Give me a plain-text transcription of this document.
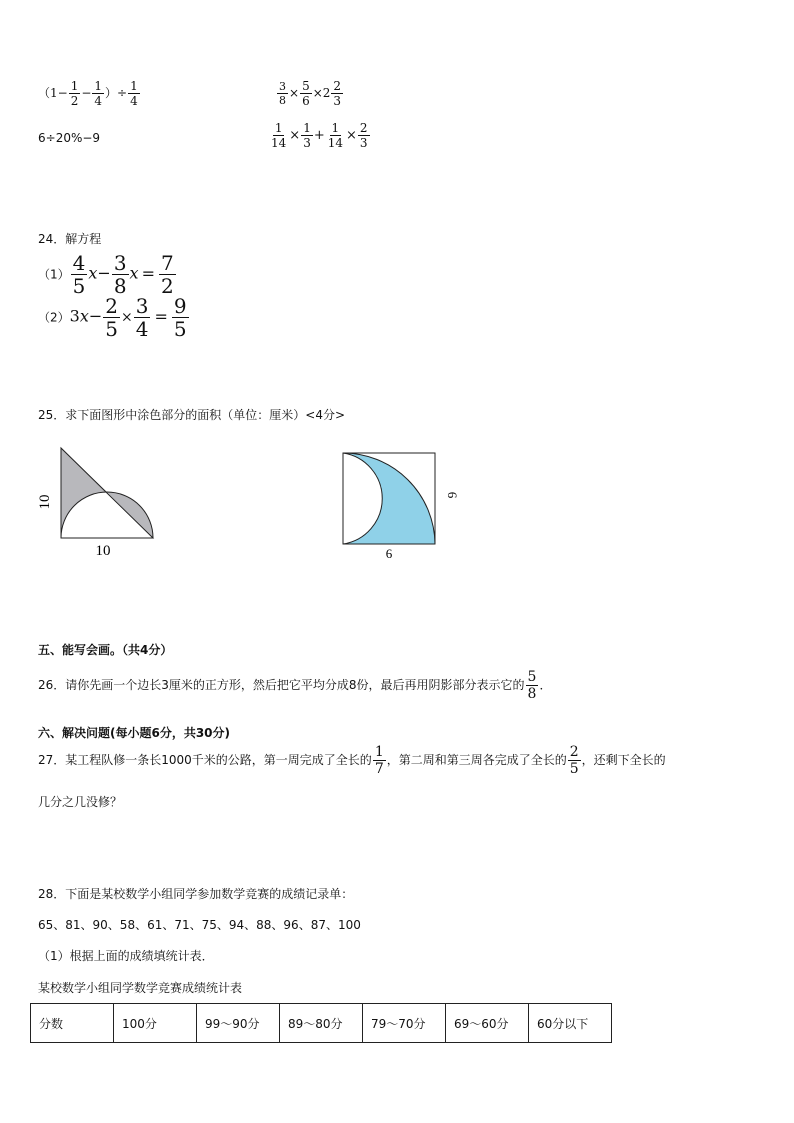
（$1- \frac{1}{2} - \frac{1}{4}$ ）÷ $\frac{1}{4}$	$\frac{3}{8} \times \frac{5}{6} \times 2 \frac{2}{3}$
6÷20%−9	$\frac{1}{14} \times \frac{1}{3} + \frac{1}{14} \times \frac{2}{3}$
24．解方程
$(1) \frac{4}{5} x- \frac{3}{8}$ $x = \frac{7}{2}$
$(2)3x- \frac{2}{5} \times \frac{3}{4} = \frac{9}{5}$
25．求下面图形中涂色部分的面积（单位：厘米）<4分>
10
10
6
6
五、能写会画。（共4分）
26．请你先画一个边长3厘米的正方形，然后把它平均分成8份，最后再用阴影部分表示它的 $\frac{5}{8}$ ．
六、解决问题(每小题6分，共30分)
27．某工程队修一条长1000千米的公路，第一周完成了全长的 $\frac{1}{7}$ ，第二周和第三周各完成了全长的 $\frac{2}{5}$ ，还剩下全长的
几分之几没修？
28．下面是某校数学小组同学参加数学竞赛的成绩记录单：
65、81、90、58、61、71、75、94、88、96、87、100
（1）根据上面的成绩填统计表．
某校数学小组同学数学竞赛成绩统计表
分数	100分	99～90分	89～80分	79～70分	69～60分	60分以下
